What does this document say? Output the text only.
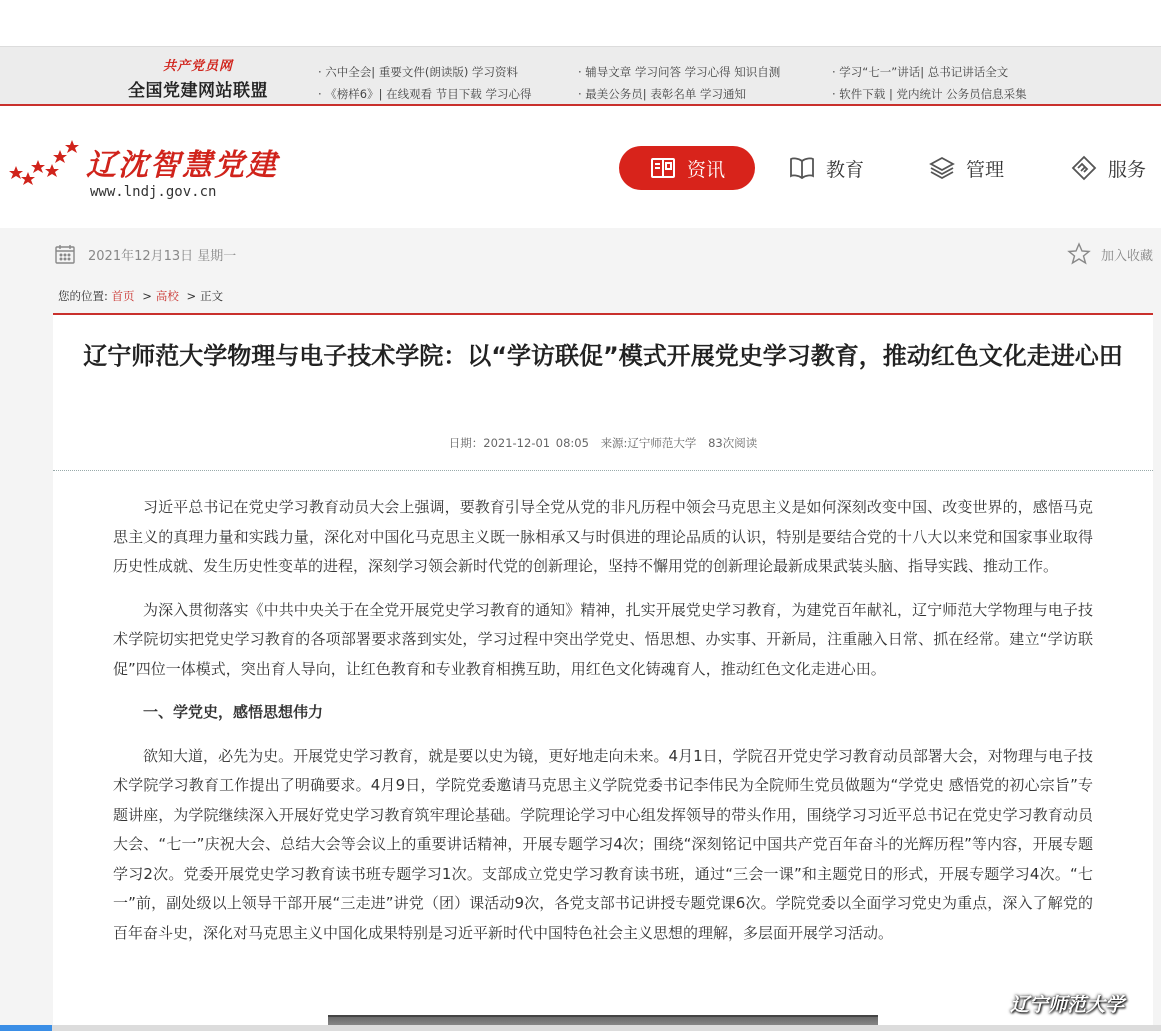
共产党员网
全国党建网站联盟
· 六中全会| 重要文件(朗读版) 学习资料
· 《榜样6》| 在线观看 节目下载 学习心得
· 辅导文章 学习问答 学习心得 知识自测
· 最美公务员| 表彰名单 学习通知
· 学习“七一”讲话| 总书记讲话全文
· 软件下载 | 党内统计 公务员信息采集
辽沈智慧党建
www.lndj.gov.cn
资讯	教育	管理	服务
2021年12月13日 星期一	加入收藏
您的位置: 首页 > 高校 > 正文
辽宁师范大学物理与电子技术学院：以“学访联促”模式开展党史学习教育，推动红色文化走进心田
日期：2021-12-01 08:05 来源:辽宁师范大学 83次阅读

习近平总书记在党史学习教育动员大会上强调，要教育引导全党从党的非凡历程中领会马克思主义是如何深刻改变中国、改变世界的，感悟马克思主义的真理力量和实践力量，深化对中国化马克思主义既一脉相承又与时俱进的理论品质的认识，特别是要结合党的十八大以来党和国家事业取得历史性成就、发生历史性变革的进程，深刻学习领会新时代党的创新理论，坚持不懈用党的创新理论最新成果武装头脑、指导实践、推动工作。

为深入贯彻落实《中共中央关于在全党开展党史学习教育的通知》精神，扎实开展党史学习教育，为建党百年献礼，辽宁师范大学物理与电子技术学院切实把党史学习教育的各项部署要求落到实处，学习过程中突出学党史、悟思想、办实事、开新局，注重融入日常、抓在经常。建立“学访联促”四位一体模式，突出育人导向，让红色教育和专业教育相携互助，用红色文化铸魂育人，推动红色文化走进心田。

一、学党史，感悟思想伟力

欲知大道，必先为史。开展党史学习教育，就是要以史为镜，更好地走向未来。4月1日，学院召开党史学习教育动员部署大会，对物理与电子技术学院学习教育工作提出了明确要求。4月9日，学院党委邀请马克思主义学院党委书记李伟民为全院师生党员做题为“学党史 感悟党的初心宗旨”专题讲座，为学院继续深入开展好党史学习教育筑牢理论基础。学院理论学习中心组发挥领导的带头作用，围绕学习习近平总书记在党史学习教育动员大会、“七一”庆祝大会、总结大会等会议上的重要讲话精神，开展专题学习4次；围绕“深刻铭记中国共产党百年奋斗的光辉历程”等内容，开展专题学习2次。党委开展党史学习教育读书班专题学习1次。支部成立党史学习教育读书班，通过“三会一课”和主题党日的形式，开展专题学习4次。“七一”前，副处级以上领导干部开展“三走进”讲党（团）课活动9次，各党支部书记讲授专题党课6次。学院党委以全面学习党史为重点，深入了解党的百年奋斗史，深化对马克思主义中国化成果特别是习近平新时代中国特色社会主义思想的理解，多层面开展学习活动。

辽宁师范大学
